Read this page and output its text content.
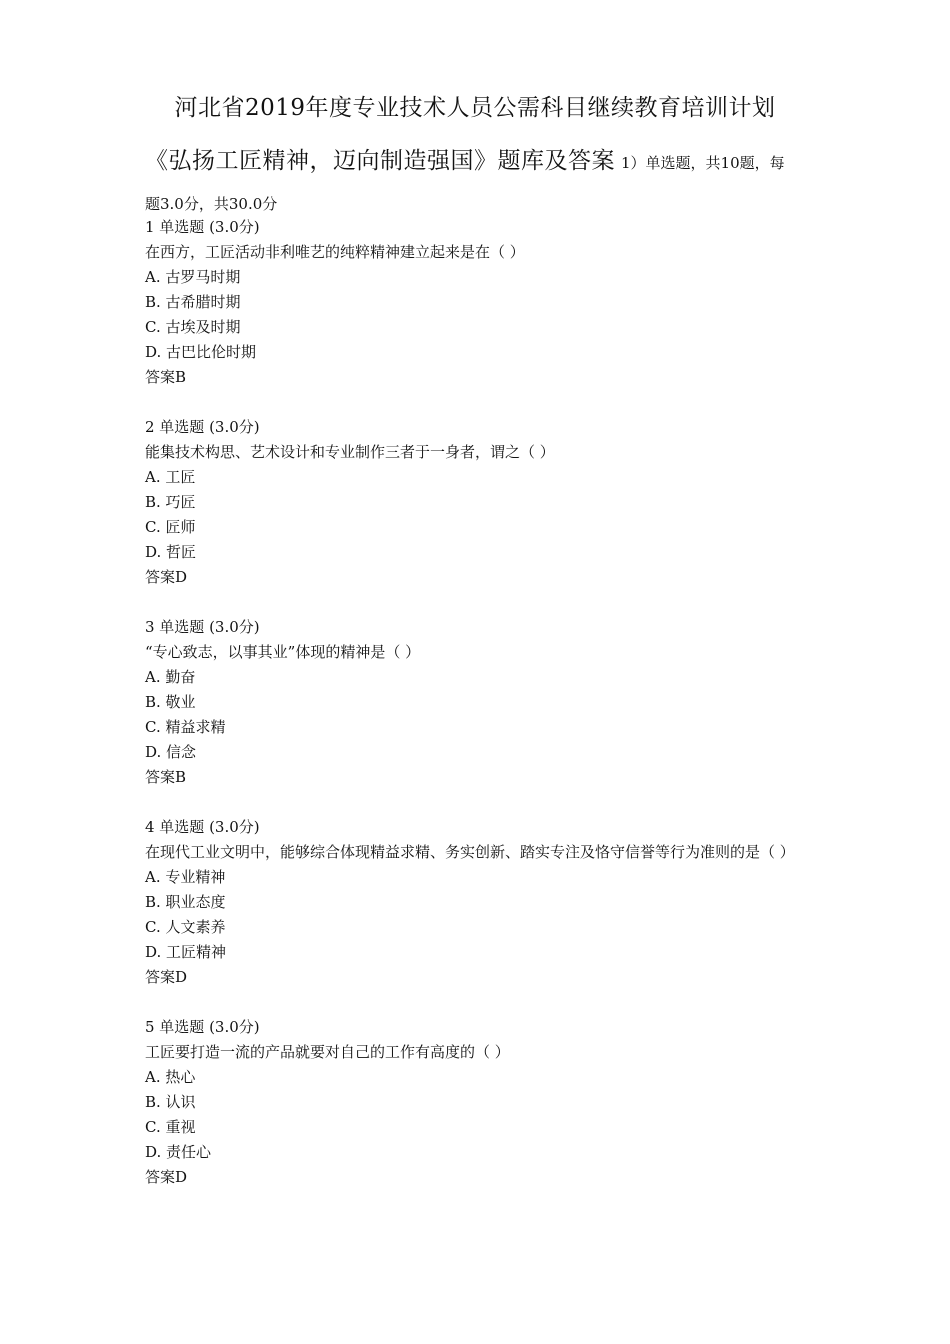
河北省2019年度专业技术人员公需科目继续教育培训计划
《弘扬工匠精神，迈向制造强国》题库及答案 1）单选题，共10题，每
题3.0分，共30.0分
1 单选题 (3.0分)
在西方，工匠活动非利唯艺的纯粹精神建立起来是在（ ）
A. 古罗马时期
B. 古希腊时期
C. 古埃及时期
D. 古巴比伦时期
答案B
2 单选题 (3.0分)
能集技术构思、艺术设计和专业制作三者于一身者，谓之（ ）
A. 工匠
B. 巧匠
C. 匠师
D. 哲匠
答案D
3 单选题 (3.0分)
“专心致志，以事其业”体现的精神是（ ）
A. 勤奋
B. 敬业
C. 精益求精
D. 信念
答案B
4 单选题 (3.0分)
在现代工业文明中，能够综合体现精益求精、务实创新、踏实专注及恪守信誉等行为准则的是（ ）
A. 专业精神
B. 职业态度
C. 人文素养
D. 工匠精神
答案D
5 单选题 (3.0分)
工匠要打造一流的产品就要对自己的工作有高度的（ ）
A. 热心
B. 认识
C. 重视
D. 责任心
答案D
